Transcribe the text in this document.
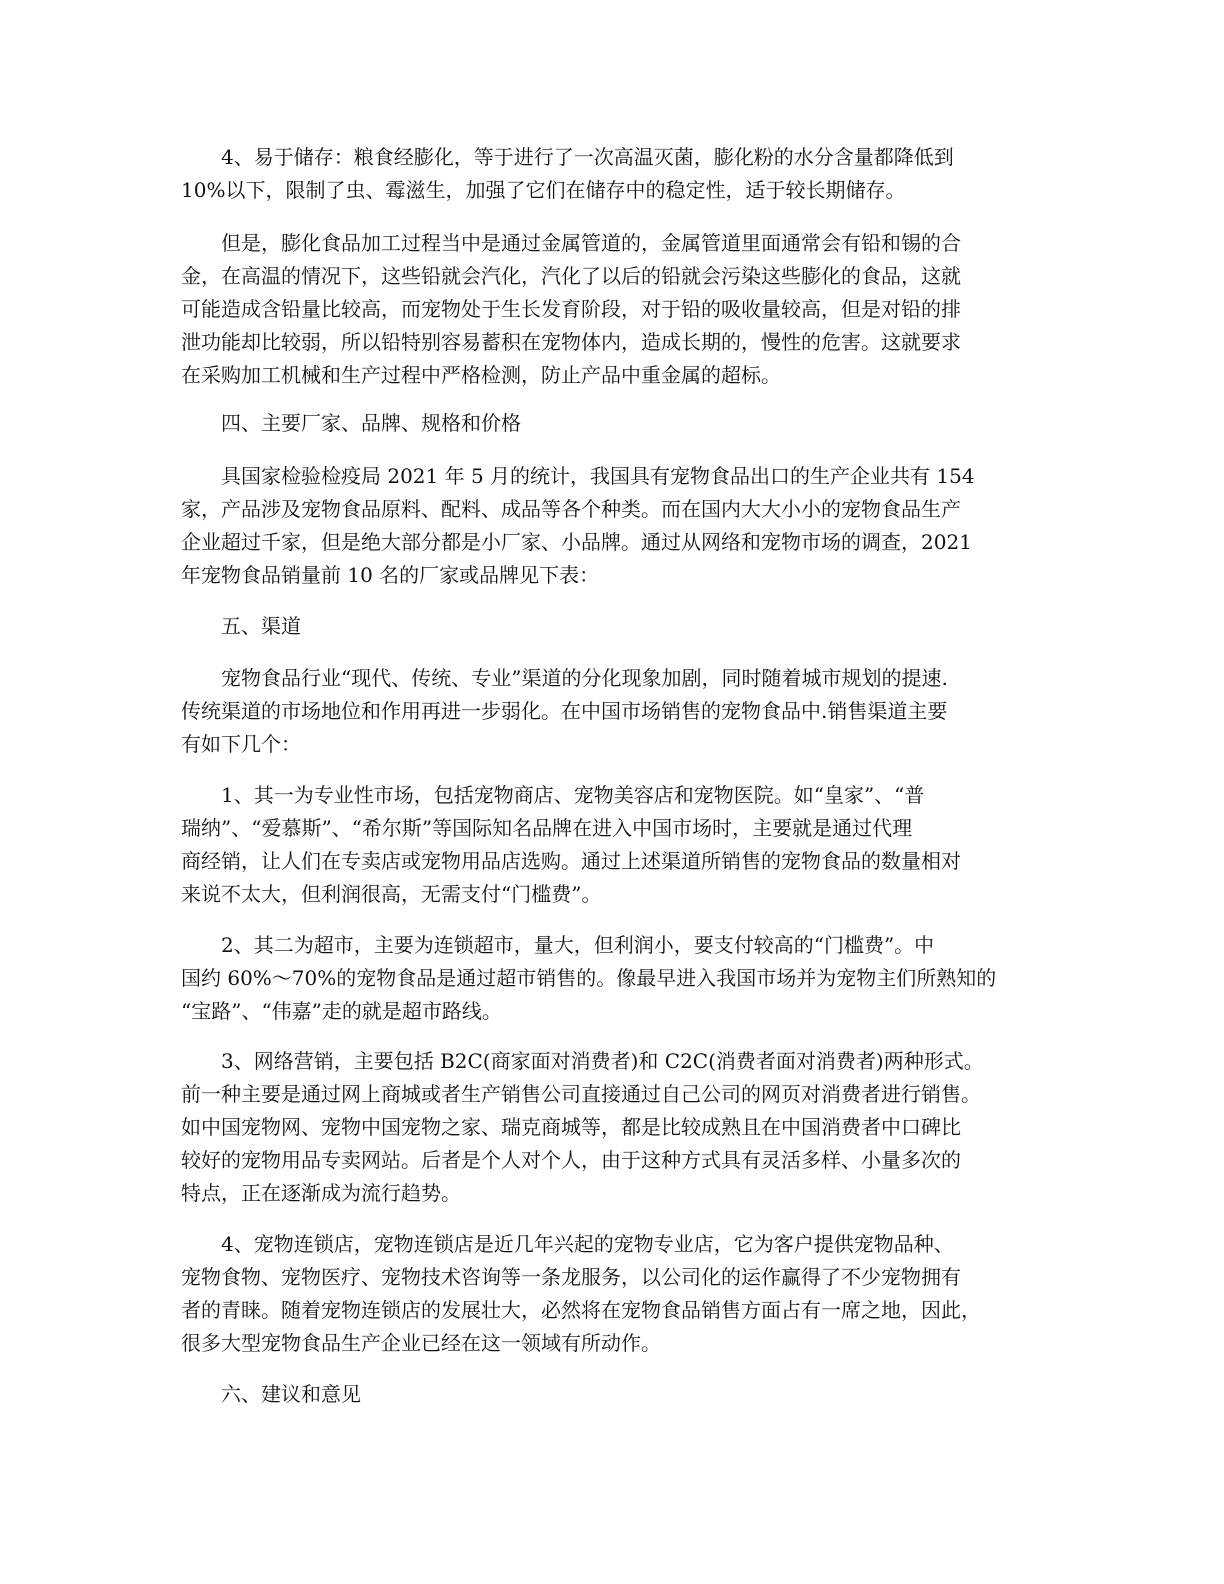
4、易于储存：粮食经膨化，等于进行了一次高温灭菌，膨化粉的水分含量都降低到
10%以下，限制了虫、霉滋生，加强了它们在储存中的稳定性，适于较长期储存。
但是，膨化食品加工过程当中是通过金属管道的，金属管道里面通常会有铅和锡的合
金，在高温的情况下，这些铅就会汽化，汽化了以后的铅就会污染这些膨化的食品，这就
可能造成含铅量比较高，而宠物处于生长发育阶段，对于铅的吸收量较高，但是对铅的排
泄功能却比较弱，所以铅特别容易蓄积在宠物体内，造成长期的，慢性的危害。这就要求
在采购加工机械和生产过程中严格检测，防止产品中重金属的超标。
四、主要厂家、品牌、规格和价格
具国家检验检疫局 2021 年 5 月的统计，我国具有宠物食品出口的生产企业共有 154
家，产品涉及宠物食品原料、配料、成品等各个种类。而在国内大大小小的宠物食品生产
企业超过千家，但是绝大部分都是小厂家、小品牌。通过从网络和宠物市场的调查，2021
年宠物食品销量前 10 名的厂家或品牌见下表：
五、渠道
宠物食品行业“现代、传统、专业”渠道的分化现象加剧，同时随着城市规划的提速.
传统渠道的市场地位和作用再进一步弱化。在中国市场销售的宠物食品中.销售渠道主要
有如下几个：
1、其一为专业性市场，包括宠物商店、宠物美容店和宠物医院。如“皇家”、“普
瑞纳”、“爱慕斯”、“希尔斯”等国际知名品牌在进入中国市场时，主要就是通过代理
商经销，让人们在专卖店或宠物用品店选购。通过上述渠道所销售的宠物食品的数量相对
来说不太大，但利润很高，无需支付“门槛费”。
2、其二为超市，主要为连锁超市，量大，但利润小，要支付较高的“门槛费”。中
国约 60%～70%的宠物食品是通过超市销售的。像最早进入我国市场并为宠物主们所熟知的
“宝路”、“伟嘉”走的就是超市路线。
3、网络营销，主要包括 B2C(商家面对消费者)和 C2C(消费者面对消费者)两种形式。
前一种主要是通过网上商城或者生产销售公司直接通过自己公司的网页对消费者进行销售。
如中国宠物网、宠物中国宠物之家、瑞克商城等，都是比较成熟且在中国消费者中口碑比
较好的宠物用品专卖网站。后者是个人对个人，由于这种方式具有灵活多样、小量多次的
特点，正在逐渐成为流行趋势。
4、宠物连锁店，宠物连锁店是近几年兴起的宠物专业店，它为客户提供宠物品种、
宠物食物、宠物医疗、宠物技术咨询等一条龙服务，以公司化的运作赢得了不少宠物拥有
者的青睐。随着宠物连锁店的发展壮大，必然将在宠物食品销售方面占有一席之地，因此，
很多大型宠物食品生产企业已经在这一领域有所动作。
六、建议和意见
